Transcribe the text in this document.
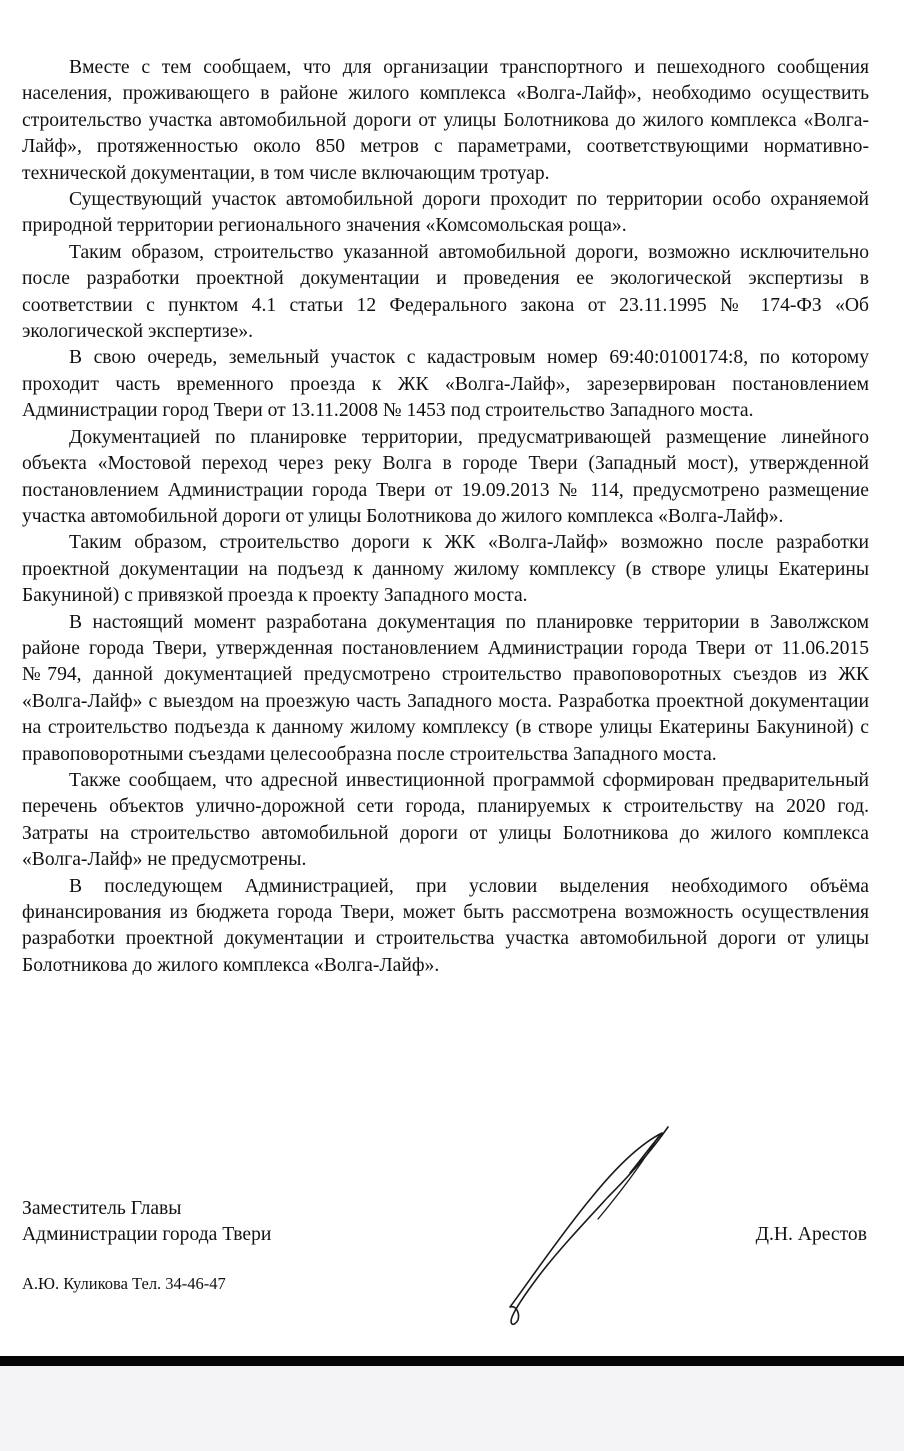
Вместе с тем сообщаем, что для организации транспортного и пешеходного сообщения населения, проживающего в районе жилого комплекса «Волга-Лайф», необходимо осуществить строительство участка автомобильной дороги от улицы Болотникова до жилого комплекса «Волга-Лайф», протяженностью около 850 метров с параметрами, соответствующими нормативно-технической документации, в том числе включающим тротуар.

Существующий участок автомобильной дороги проходит по территории особо охраняемой природной территории регионального значения «Комсомольская роща».

Таким образом, строительство указанной автомобильной дороги, возможно исключительно после разработки проектной документации и проведения ее экологической экспертизы в соответствии с пунктом 4.1 статьи 12 Федерального закона от 23.11.1995 № 174-ФЗ «Об экологической экспертизе».

В свою очередь, земельный участок с кадастровым номер 69:40:0100174:8, по которому проходит часть временного проезда к ЖК «Волга-Лайф», зарезервирован постановлением Администрации город Твери от 13.11.2008 № 1453 под строительство Западного моста.

Документацией по планировке территории, предусматривающей размещение линейного объекта «Мостовой переход через реку Волга в городе Твери (Западный мост), утвержденной постановлением Администрации города Твери от 19.09.2013 № 114, предусмотрено размещение участка автомобильной дороги от улицы Болотникова до жилого комплекса «Волга-Лайф».

Таким образом, строительство дороги к ЖК «Волга-Лайф» возможно после разработки проектной документации на подъезд к данному жилому комплексу (в створе улицы Екатерины Бакуниной) с привязкой проезда к проекту Западного моста.

В настоящий момент разработана документация по планировке территории в Заволжском районе города Твери, утвержденная постановлением Администрации города Твери от 11.06.2015 №794, данной документацией предусмотрено строительство правоповоротных съездов из ЖК «Волга-Лайф» с выездом на проезжую часть Западного моста. Разработка проектной документации на строительство подъезда к данному жилому комплексу (в створе улицы Екатерины Бакуниной) с правоповоротными съездами целесообразна после строительства Западного моста.

Также сообщаем, что адресной инвестиционной программой сформирован предварительный перечень объектов улично-дорожной сети города, планируемых к строительству на 2020 год. Затраты на строительство автомобильной дороги от улицы Болотникова до жилого комплекса «Волга-Лайф» не предусмотрены.

В последующем Администрацией, при условии выделения необходимого объёма финансирования из бюджета города Твери, может быть рассмотрена возможность осуществления разработки проектной документации и строительства участка автомобильной дороги от улицы Болотникова до жилого комплекса «Волга-Лайф».

Заместитель Главы
Администрации города Твери	Д.Н. Арестов
А.Ю. Куликова Тел. 34-46-47
